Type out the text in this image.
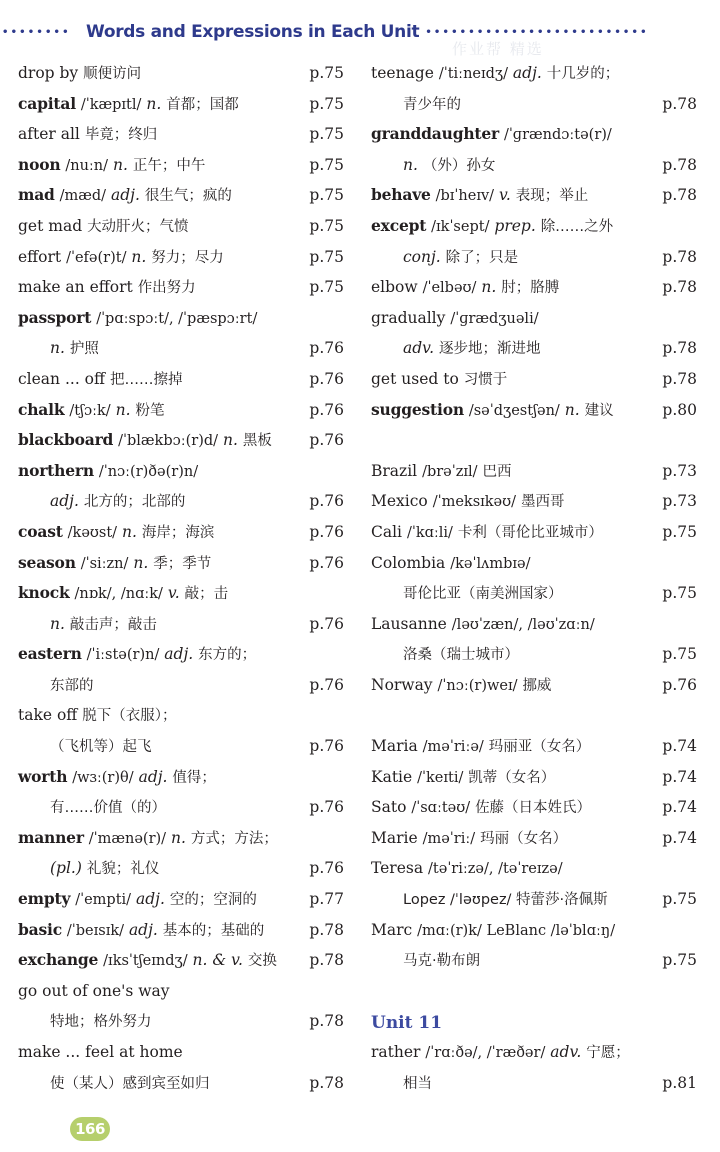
•••••••• Words and Expressions in Each Unit ••••••••••••••••••••••••••
作业帮 精选
drop by 顺便访问	p.75
capital /ˈkæpɪtl/ n. 首都；国都	p.75
after all 毕竟；终归	p.75
noon /nuːn/ n. 正午；中午	p.75
mad /mæd/ adj. 很生气；疯的	p.75
get mad 大动肝火；气愤	p.75
effort /ˈefə(r)t/ n. 努力；尽力	p.75
make an effort 作出努力	p.75
passport /ˈpɑːspɔːt/, /ˈpæspɔːrt/
n. 护照	p.76
clean ... off 把……擦掉	p.76
chalk /tʃɔːk/ n. 粉笔	p.76
blackboard /ˈblækbɔː(r)d/ n. 黑板 p.76
northern /ˈnɔː(r)ðə(r)n/
adj. 北方的；北部的	p.76
coast /kəʊst/ n. 海岸；海滨	p.76
season /ˈsiːzn/ n. 季；季节	p.76
knock /nɒk/, /nɑːk/ v. 敲；击
n. 敲击声；敲击	p.76
eastern /ˈiːstə(r)n/ adj. 东方的；
东部的	p.76
take off 脱下（衣服）；
（飞机等）起飞	p.76
worth /wɜː(r)θ/ adj. 值得；
有……价值（的）	p.76
manner /ˈmænə(r)/ n. 方式；方法；
(pl.) 礼貌；礼仪	p.76
empty /ˈempti/ adj. 空的；空洞的	p.77
basic /ˈbeɪsɪk/ adj. 基本的；基础的	p.78
exchange /ɪksˈtʃeɪndʒ/ n. & v. 交换 p.78
go out of one's way
特地；格外努力	p.78
make ... feel at home
使（某人）感到宾至如归	p.78
teenage /ˈtiːneɪdʒ/ adj. 十几岁的；
青少年的	p.78
granddaughter /ˈɡrændɔːtə(r)/
n. （外）孙女	p.78
behave /bɪˈheɪv/ v. 表现；举止	p.78
except /ɪkˈsept/ prep. 除……之外
conj. 除了；只是	p.78
elbow /ˈelbəʊ/ n. 肘；胳膊	p.78
gradually /ˈɡrædʒuəli/
adv. 逐步地；渐进地	p.78
get used to 习惯于	p.78
suggestion /səˈdʒestʃən/ n. 建议	p.80
Brazil /brəˈzɪl/ 巴西	p.73
Mexico /ˈmeksɪkəʊ/ 墨西哥	p.73
Cali /ˈkɑːli/ 卡利（哥伦比亚城市）	p.75
Colombia /kəˈlʌmbɪə/
哥伦比亚（南美洲国家）	p.75
Lausanne /ləʊˈzæn/, /ləʊˈzɑːn/
洛桑（瑞士城市）	p.75
Norway /ˈnɔː(r)weɪ/ 挪威	p.76
Maria /məˈriːə/ 玛丽亚（女名）	p.74
Katie /ˈkeɪti/ 凯蒂（女名）	p.74
Sato /ˈsɑːtəʊ/ 佐藤（日本姓氏）	p.74
Marie /məˈriː/ 玛丽（女名）	p.74
Teresa /təˈriːzə/, /təˈreɪzə/
Lopez /ˈləʊpez/ 特蕾莎·洛佩斯	p.75
Marc /mɑː(r)k/ LeBlanc /ləˈblɑːŋ/
马克·勒布朗	p.75
Unit 11
rather /ˈrɑːðə/, /ˈræðər/ adv. 宁愿；
相当	p.81
166
